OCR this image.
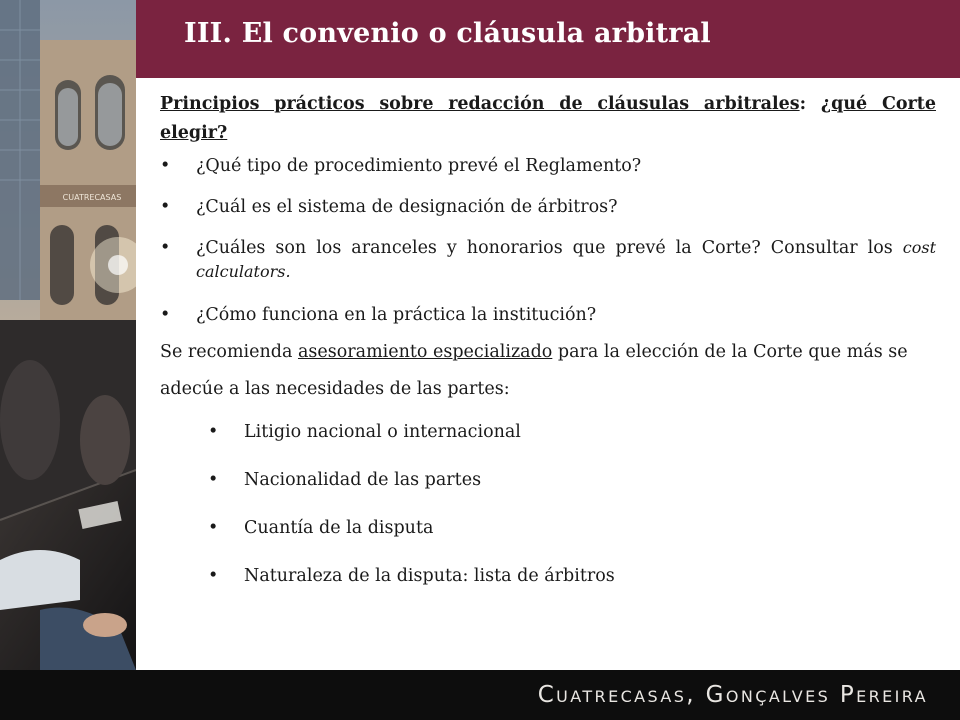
CUATRECASAS
III. El convenio o cláusula arbitral

Principios prácticos sobre redacción de cláusulas arbitrales: ¿qué Corte elegir?

• ¿Qué tipo de procedimiento prevé el Reglamento?
• ¿Cuál es el sistema de designación de árbitros?
• ¿Cuáles son los aranceles y honorarios que prevé la Corte? Consultar los cost calculators.
• ¿Cómo funciona en la práctica la institución?

Se recomienda asesoramiento especializado para la elección de la Corte que más se adecúe a las necesidades de las partes:

• Litigio nacional o internacional
• Nacionalidad de las partes
• Cuantía de la disputa
• Naturaleza de la disputa: lista de árbitros

Cuatrecasas, Gonçalves Pereira
